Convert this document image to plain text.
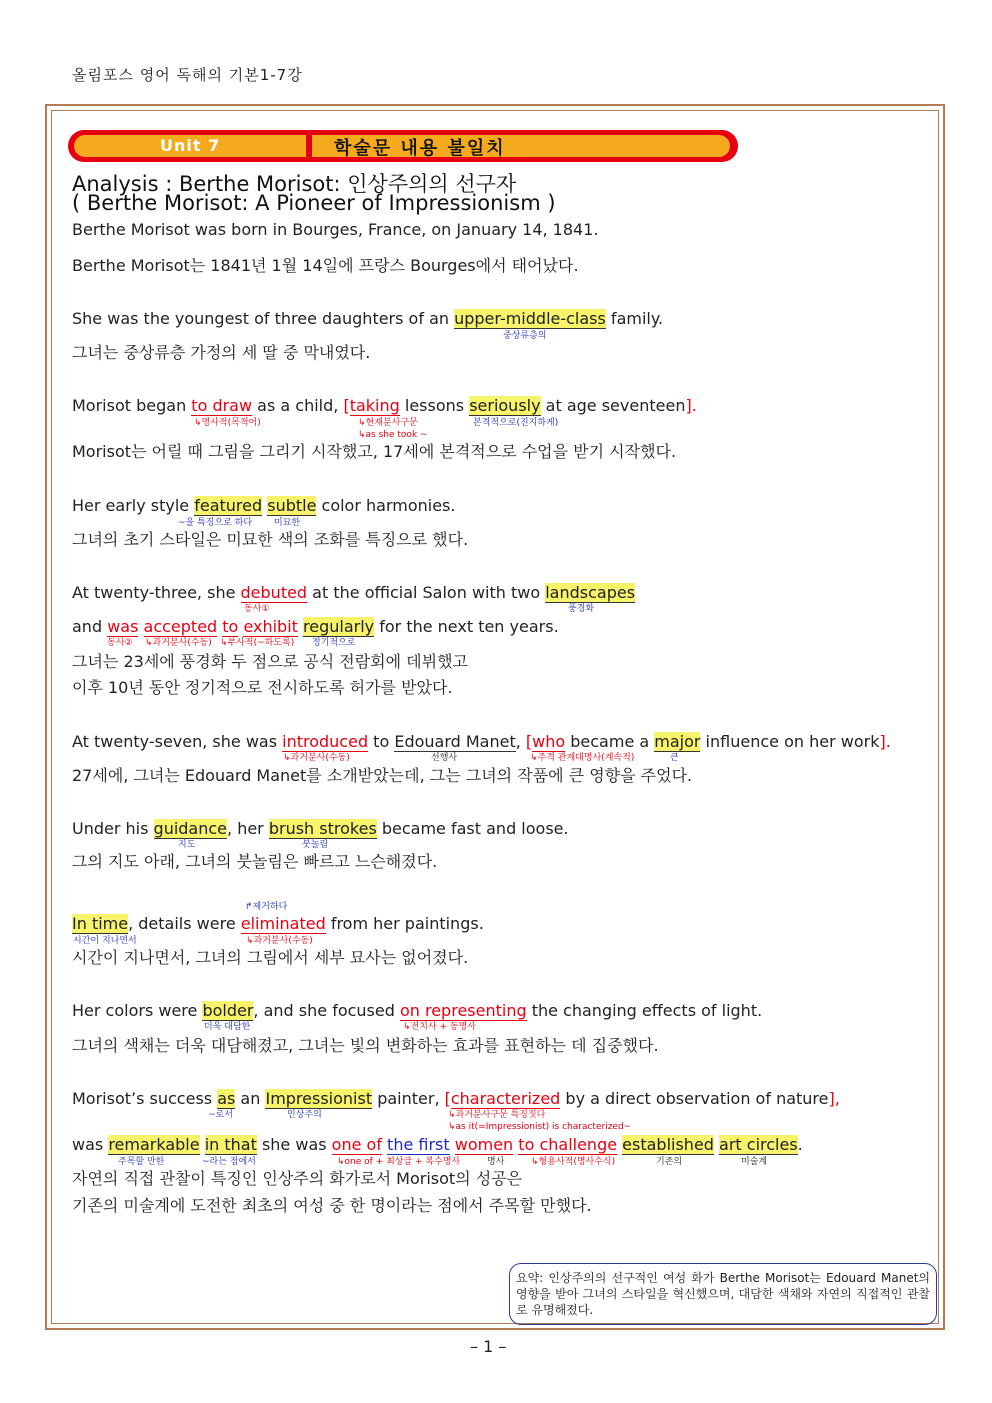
올림포스 영어 독해의 기본1-7강
Unit 7	학술문 내용 불일치
Analysis : Berthe Morisot: 인상주의의 선구자
( Berthe Morisot: A Pioneer of Impressionism )
Berthe Morisot was born in Bourges, France, on January 14, 1841.
Berthe Morisot는 1841년 1월 14일에 프랑스 Bourges에서 태어났다.
She was the youngest of three daughters of an upper-middle-class family.
중상류층의
그녀는 중상류층 가정의 세 딸 중 막내였다.
Morisot began to draw as a child, [taking lessons seriously at age seventeen].
↳명사적(목적어)	↳현재분사구문
↳as she took ~
본격적으로(진지하게)
Morisot는 어릴 때 그림을 그리기 시작했고, 17세에 본격적으로 수업을 받기 시작했다.
Her early style featured subtle color harmonies.
~을 특징으로 하다 미묘한
그녀의 초기 스타일은 미묘한 색의 조화를 특징으로 했다.
At twenty-three, she debuted at the official Salon with two landscapes
동사①	풍경화
and was accepted to exhibit regularly for the next ten years.
동사② ↳과거분사(수동) ↳부사적(~하도록) 정기적으로
그녀는 23세에 풍경화 두 점으로 공식 전람회에 데뷔했고
이후 10년 동안 정기적으로 전시하도록 허가를 받았다.
At twenty-seven, she was introduced to Edouard Manet, [who became a major influence on her work].
↳과거분사(수동)	선행사	↳주격 관계대명사(계속적)	큰
27세에, 그녀는 Edouard Manet를 소개받았는데, 그는 그녀의 작품에 큰 영향을 주었다.
Under his guidance, her brush strokes became fast and loose.
지도	붓놀림
그의 지도 아래, 그녀의 붓놀림은 빠르고 느슨해졌다.
↱제거하다
In time, details were eliminated from her paintings.
시간이 지나면서	↳과거분사(수동)
시간이 지나면서, 그녀의 그림에서 세부 묘사는 없어졌다.
Her colors were bolder, and she focused on representing the changing effects of light.
더욱 대담한	↳전치사 + 동명사
그녀의 색채는 더욱 대담해졌고, 그녀는 빛의 변화하는 효과를 표현하는 데 집중했다.
Morisot’s success as an Impressionist painter, [characterized by a direct observation of nature],
~로서	인상주의	↳과거분사구문 특징짓다
↳as it(=Impressionist) is characterized~
was remarkable in that she was one of the first women to challenge established art circles.
주목할 만한	~라는 점에서	↳one of + 최상급 + 복수명사	명사	↳형용사적(명사수식)	기존의	미술계
자연의 직접 관찰이 특징인 인상주의 화가로서 Morisot의 성공은
기존의 미술계에 도전한 최초의 여성 중 한 명이라는 점에서 주목할 만했다.
요약: 인상주의의 선구적인 여성 화가 Berthe Morisot는 Edouard Manet의 영향을 받아 그녀의 스타일을 혁신했으며, 대담한 색채와 자연의 직접적인 관찰로 유명해졌다.
– 1 –
